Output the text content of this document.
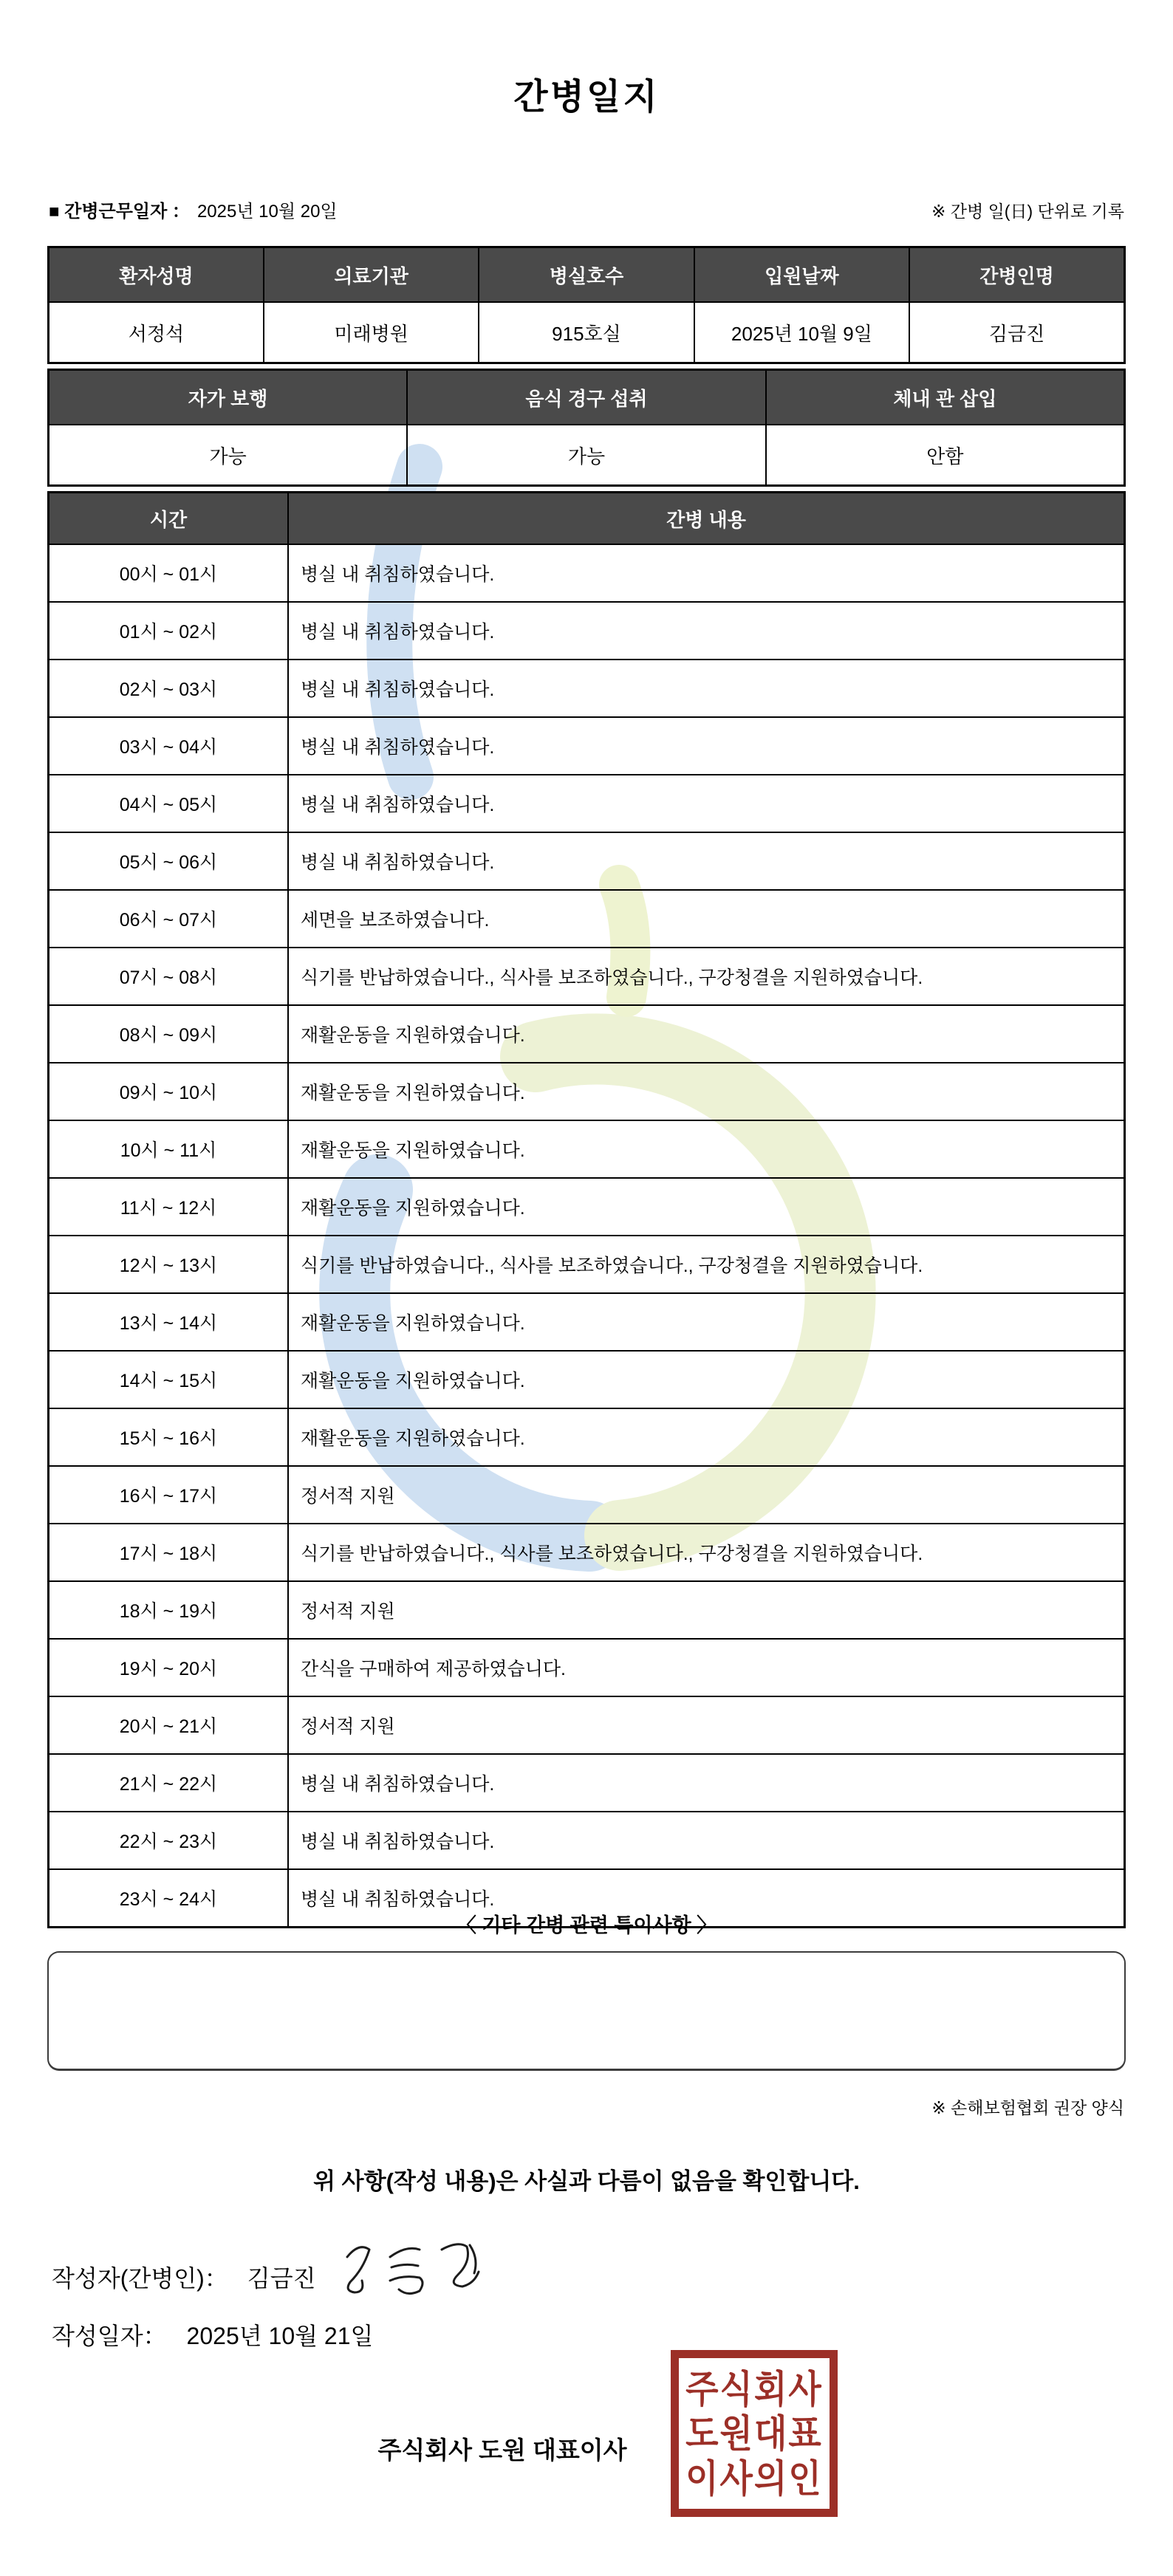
간병일지
■ 간병근무일자 ： 2025년 10월 20일	※ 간병 일(日) 단위로 기록
환자성명	의료기관	병실호수	입원날짜	간병인명
서정석	미래병원	915호실	2025년 10월 9일	김금진
자가 보행	음식 경구 섭취	체내 관 삽입
가능	가능	안함
시간	간병 내용
00시 ~ 01시	병실 내 취침하였습니다.
01시 ~ 02시	병실 내 취침하였습니다.
02시 ~ 03시	병실 내 취침하였습니다.
03시 ~ 04시	병실 내 취침하였습니다.
04시 ~ 05시	병실 내 취침하였습니다.
05시 ~ 06시	병실 내 취침하였습니다.
06시 ~ 07시	세면을 보조하였습니다.
07시 ~ 08시	식기를 반납하였습니다., 식사를 보조하였습니다., 구강청결을 지원하였습니다.
08시 ~ 09시	재활운동을 지원하였습니다.
09시 ~ 10시	재활운동을 지원하였습니다.
10시 ~ 11시	재활운동을 지원하였습니다.
11시 ~ 12시	재활운동을 지원하였습니다.
12시 ~ 13시	식기를 반납하였습니다., 식사를 보조하였습니다., 구강청결을 지원하였습니다.
13시 ~ 14시	재활운동을 지원하였습니다.
14시 ~ 15시	재활운동을 지원하였습니다.
15시 ~ 16시	재활운동을 지원하였습니다.
16시 ~ 17시	정서적 지원
17시 ~ 18시	식기를 반납하였습니다., 식사를 보조하였습니다., 구강청결을 지원하였습니다.
18시 ~ 19시	정서적 지원
19시 ~ 20시	간식을 구매하여 제공하였습니다.
20시 ~ 21시	정서적 지원
21시 ~ 22시	병실 내 취침하였습니다.
22시 ~ 23시	병실 내 취침하였습니다.
23시 ~ 24시	병실 내 취침하였습니다.
〈 기타 간병 관련 특이사항 〉
※ 손해보험협회 권장 양식
위 사항(작성 내용)은 사실과 다름이 없음을 확인합니다.
작성자(간병인)： 김금진
작성일자： 2025년 10월 21일
주식회사 도원 대표이사
주식회사
도원대표
이사의인
